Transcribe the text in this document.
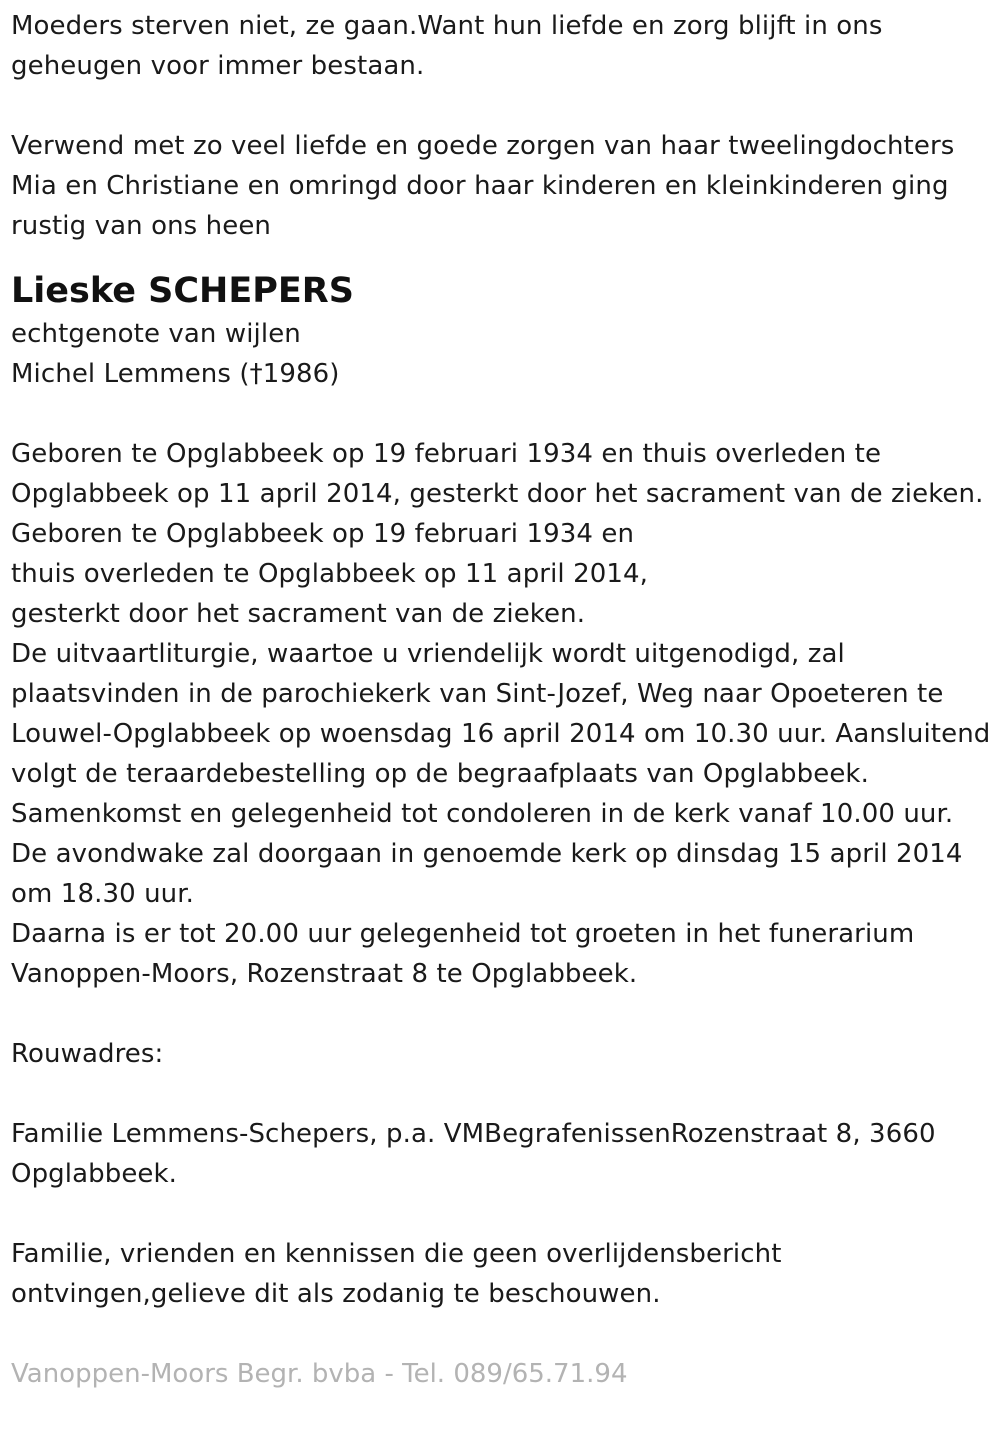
Moeders sterven niet, ze gaan.Want hun liefde en zorg blijft in ons
geheugen voor immer bestaan.

Verwend met zo veel liefde en goede zorgen van haar tweelingdochters
Mia en Christiane en omringd door haar kinderen en kleinkinderen ging
rustig van ons heen

Lieske SCHEPERS

echtgenote van wijlen
Michel Lemmens (†1986)

Geboren te Opglabbeek op 19 februari 1934 en thuis overleden te
Opglabbeek op 11 april 2014, gesterkt door het sacrament van de zieken.
Geboren te Opglabbeek op 19 februari 1934 en
thuis overleden te Opglabbeek op 11 april 2014,
gesterkt door het sacrament van de zieken.
De uitvaartliturgie, waartoe u vriendelijk wordt uitgenodigd, zal
plaatsvinden in de parochiekerk van Sint-Jozef, Weg naar Opoeteren te
Louwel-Opglabbeek op woensdag 16 april 2014 om 10.30 uur. Aansluitend
volgt de teraardebestelling op de begraafplaats van Opglabbeek.
Samenkomst en gelegenheid tot condoleren in de kerk vanaf 10.00 uur.
De avondwake zal doorgaan in genoemde kerk op dinsdag 15 april 2014
om 18.30 uur.
Daarna is er tot 20.00 uur gelegenheid tot groeten in het funerarium
Vanoppen-Moors, Rozenstraat 8 te Opglabbeek.

Rouwadres:

Familie Lemmens-Schepers, p.a. VMBegrafenissenRozenstraat 8, 3660
Opglabbeek.

Familie, vrienden en kennissen die geen overlijdensbericht
ontvingen,gelieve dit als zodanig te beschouwen.

Vanoppen-Moors Begr. bvba - Tel. 089/65.71.94
